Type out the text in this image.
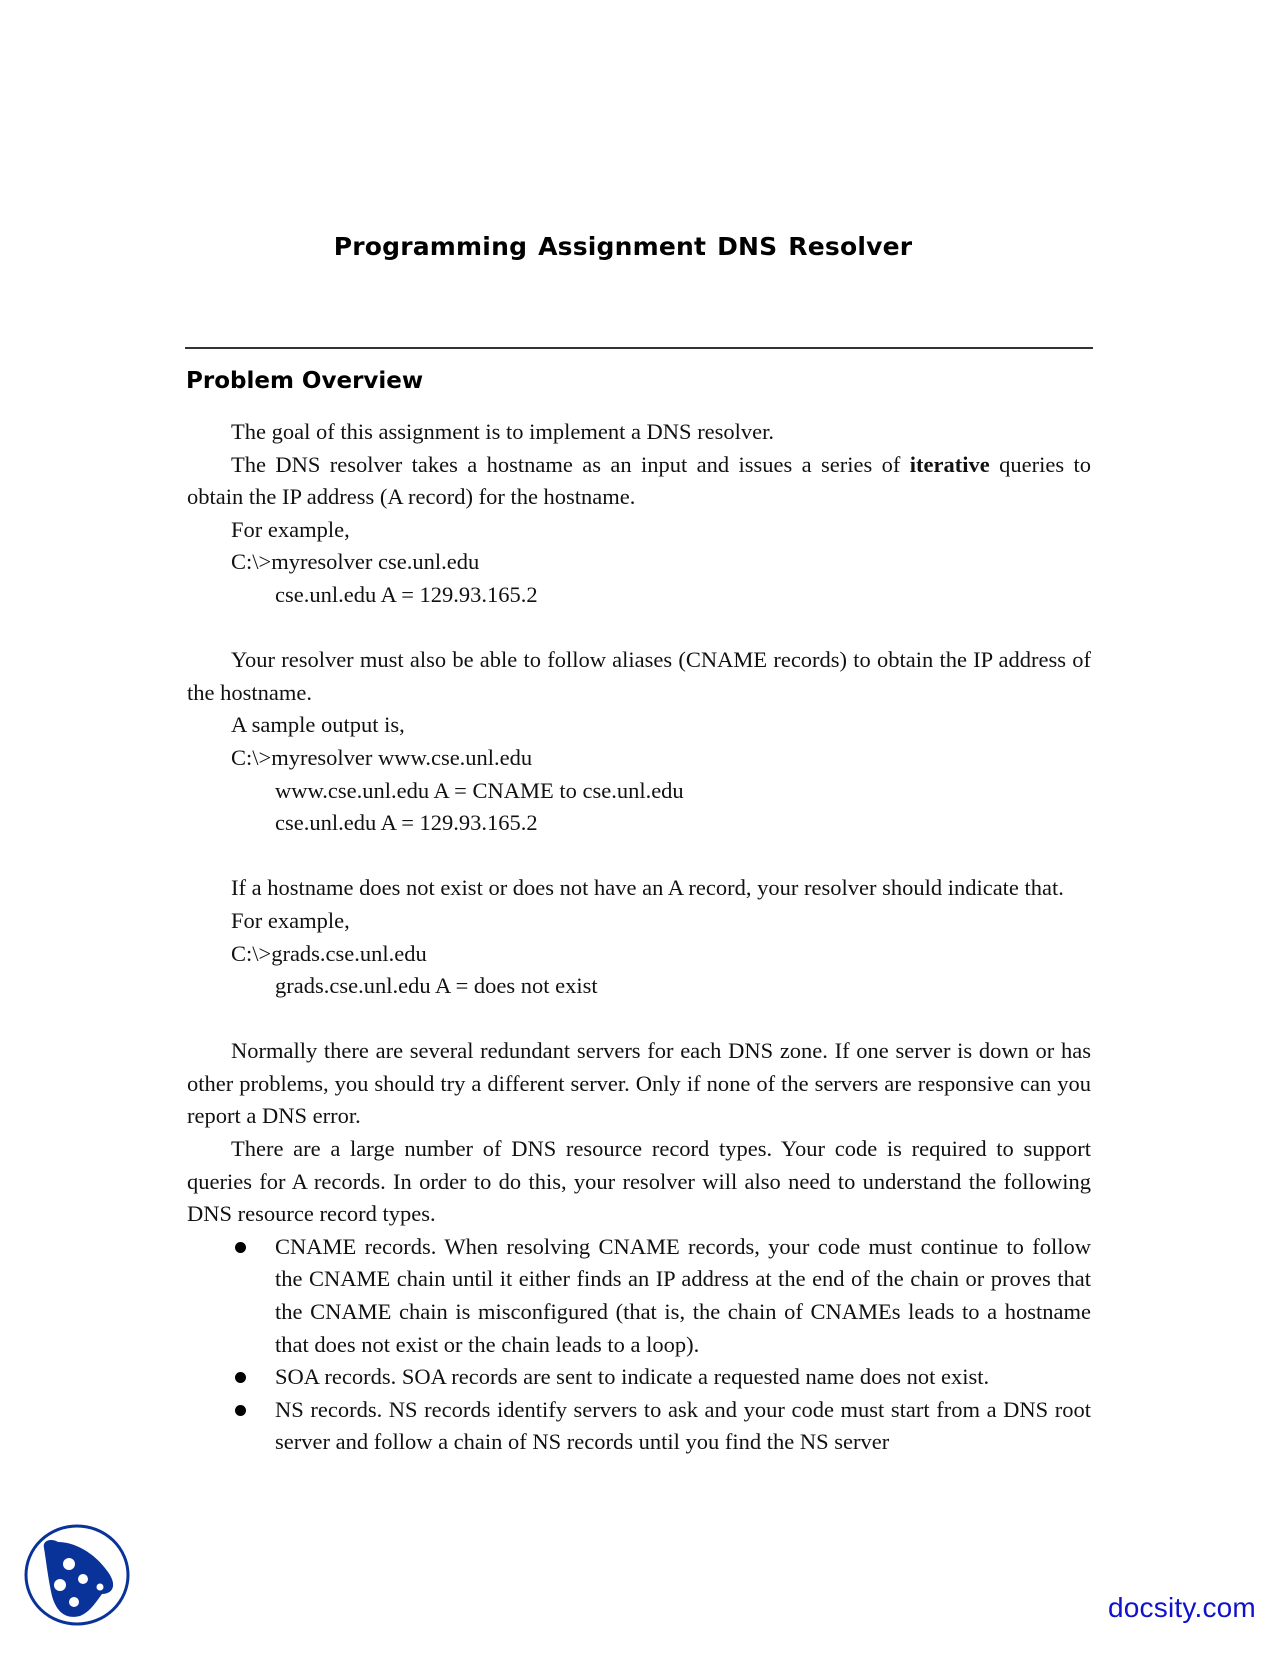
Programming Assignment DNS Resolver
Problem Overview
The goal of this assignment is to implement a DNS resolver.
The DNS resolver takes a hostname as an input and issues a series of iterative queries to obtain the IP address (A record) for the hostname.
For example,
C:\>myresolver cse.unl.edu
cse.unl.edu A = 129.93.165.2
Your resolver must also be able to follow aliases (CNAME records) to obtain the IP address of the hostname.
A sample output is,
C:\>myresolver www.cse.unl.edu
www.cse.unl.edu A = CNAME to cse.unl.edu
cse.unl.edu A = 129.93.165.2
If a hostname does not exist or does not have an A record, your resolver should indicate that.
For example,
C:\>grads.cse.unl.edu
grads.cse.unl.edu A = does not exist
Normally there are several redundant servers for each DNS zone. If one server is down or has other problems, you should try a different server. Only if none of the servers are responsive can you report a DNS error.
There are a large number of DNS resource record types. Your code is required to support queries for A records. In order to do this, your resolver will also need to understand the following DNS resource record types.
CNAME records. When resolving CNAME records, your code must continue to follow the CNAME chain until it either finds an IP address at the end of the chain or proves that the CNAME chain is misconfigured (that is, the chain of CNAMEs leads to a hostname that does not exist or the chain leads to a loop).
SOA records. SOA records are sent to indicate a requested name does not exist.
NS records. NS records identify servers to ask and your code must start from a DNS root server and follow a chain of NS records until you find the NS server
docsity.com
